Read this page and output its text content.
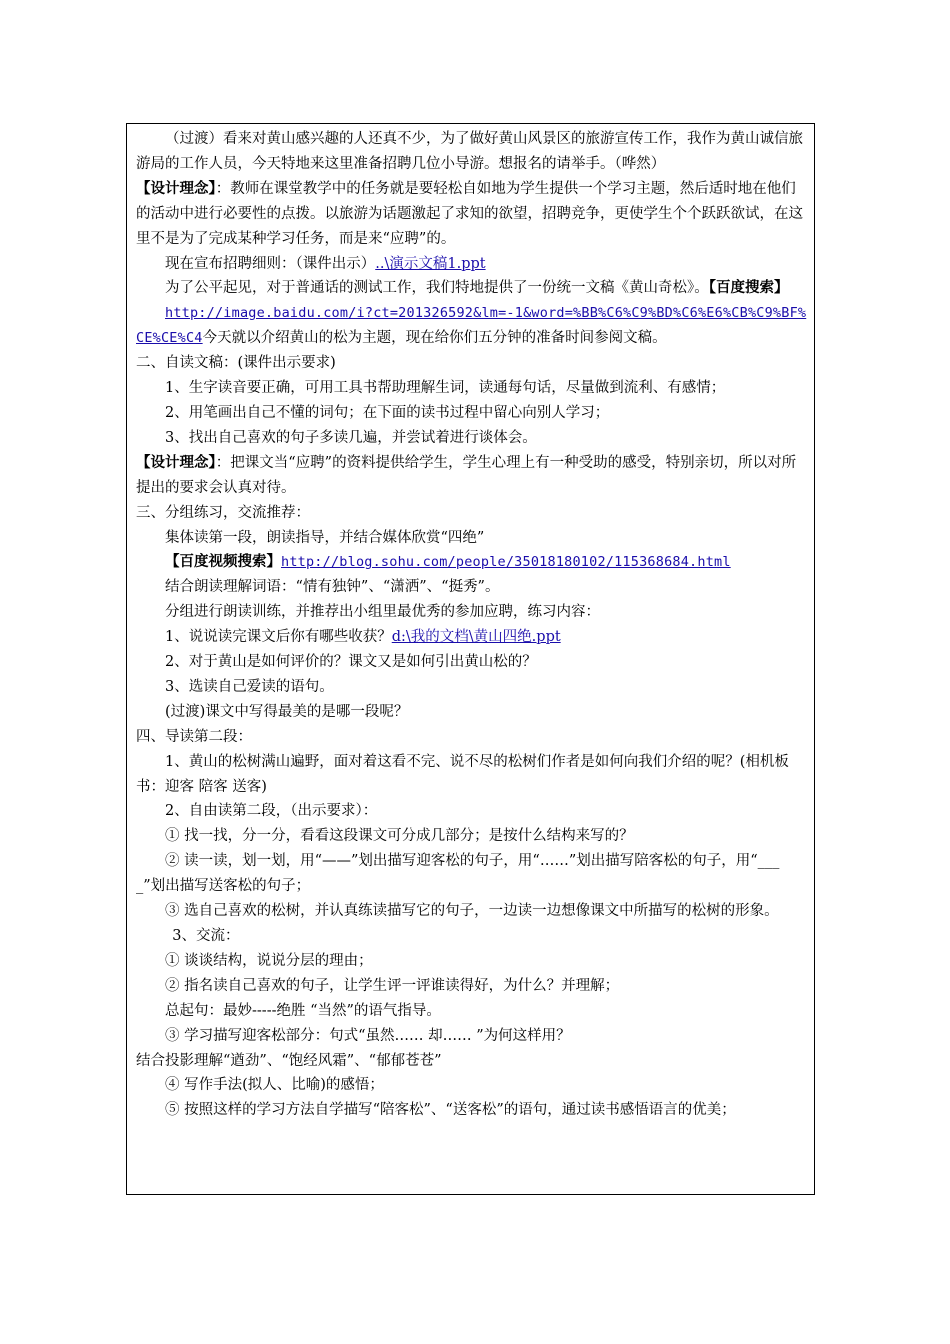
（过渡）看来对黄山感兴趣的人还真不少，为了做好黄山风景区的旅游宣传工作，我作为黄山诚信旅游局的工作人员，今天特地来这里准备招聘几位小导游。想报名的请举手。（哗然）

【设计理念】：教师在课堂教学中的任务就是要轻松自如地为学生提供一个学习主题，然后适时地在他们的活动中进行必要性的点拨。以旅游为话题激起了求知的欲望，招聘竞争，更使学生个个跃跃欲试，在这里不是为了完成某种学习任务，而是来“应聘”的。

现在宣布招聘细则：（课件出示）..\演示文稿1.ppt

为了公平起见，对于普通话的测试工作，我们特地提供了一份统一文稿《黄山奇松》。【百度搜索】

http://image.baidu.com/i?ct=201326592&lm=-1&word=%BB%C6%C9%BD%C6%E6%CB%C9%BF%CE%CE%C4今天就以介绍黄山的松为主题，现在给你们五分钟的准备时间参阅文稿。

二、自读文稿：(课件出示要求)

1、生字读音要正确，可用工具书帮助理解生词，读通每句话，尽量做到流利、有感情；

2、用笔画出自己不懂的词句；在下面的读书过程中留心向别人学习；

3、找出自己喜欢的句子多读几遍，并尝试着进行谈体会。

【设计理念】：把课文当“应聘”的资料提供给学生，学生心理上有一种受助的感受，特别亲切，所以对所提出的要求会认真对待。

三、分组练习，交流推荐：

集体读第一段，朗读指导，并结合媒体欣赏“四绝”

【百度视频搜索】http://blog.sohu.com/people/35018180102/115368684.html

结合朗读理解词语：“情有独钟”、“潇洒”、“挺秀”。

分组进行朗读训练，并推荐出小组里最优秀的参加应聘，练习内容：

1、说说读完课文后你有哪些收获？d:\我的文档\黄山四绝.ppt

2、对于黄山是如何评价的？课文又是如何引出黄山松的？

3、选读自己爱读的语句。

(过渡)课文中写得最美的是哪一段呢？

四、导读第二段：

1、黄山的松树满山遍野，面对着这看不完、说不尽的松树们作者是如何向我们介绍的呢？(相机板书：迎客 陪客 送客)

2、自由读第二段，（出示要求）：

① 找一找，分一分，看看这段课文可分成几部分；是按什么结构来写的？

② 读一读，划一划，用“——”划出描写迎客松的句子，用“……”划出描写陪客松的句子，用“____”划出描写送客松的句子；

③ 选自己喜欢的松树，并认真练读描写它的句子，一边读一边想像课文中所描写的松树的形象。

3、交流：

① 谈谈结构，说说分层的理由；

② 指名读自己喜欢的句子，让学生评一评谁读得好，为什么？并理解；

总起句：最妙-----绝胜 “当然”的语气指导。

③ 学习描写迎客松部分：句式“虽然…… 却…… ”为何这样用？

结合投影理解“遒劲”、“饱经风霜”、“郁郁苍苍”

④ 写作手法(拟人、比喻)的感悟；

⑤ 按照这样的学习方法自学描写“陪客松”、“送客松”的语句，通过读书感悟语言的优美；
